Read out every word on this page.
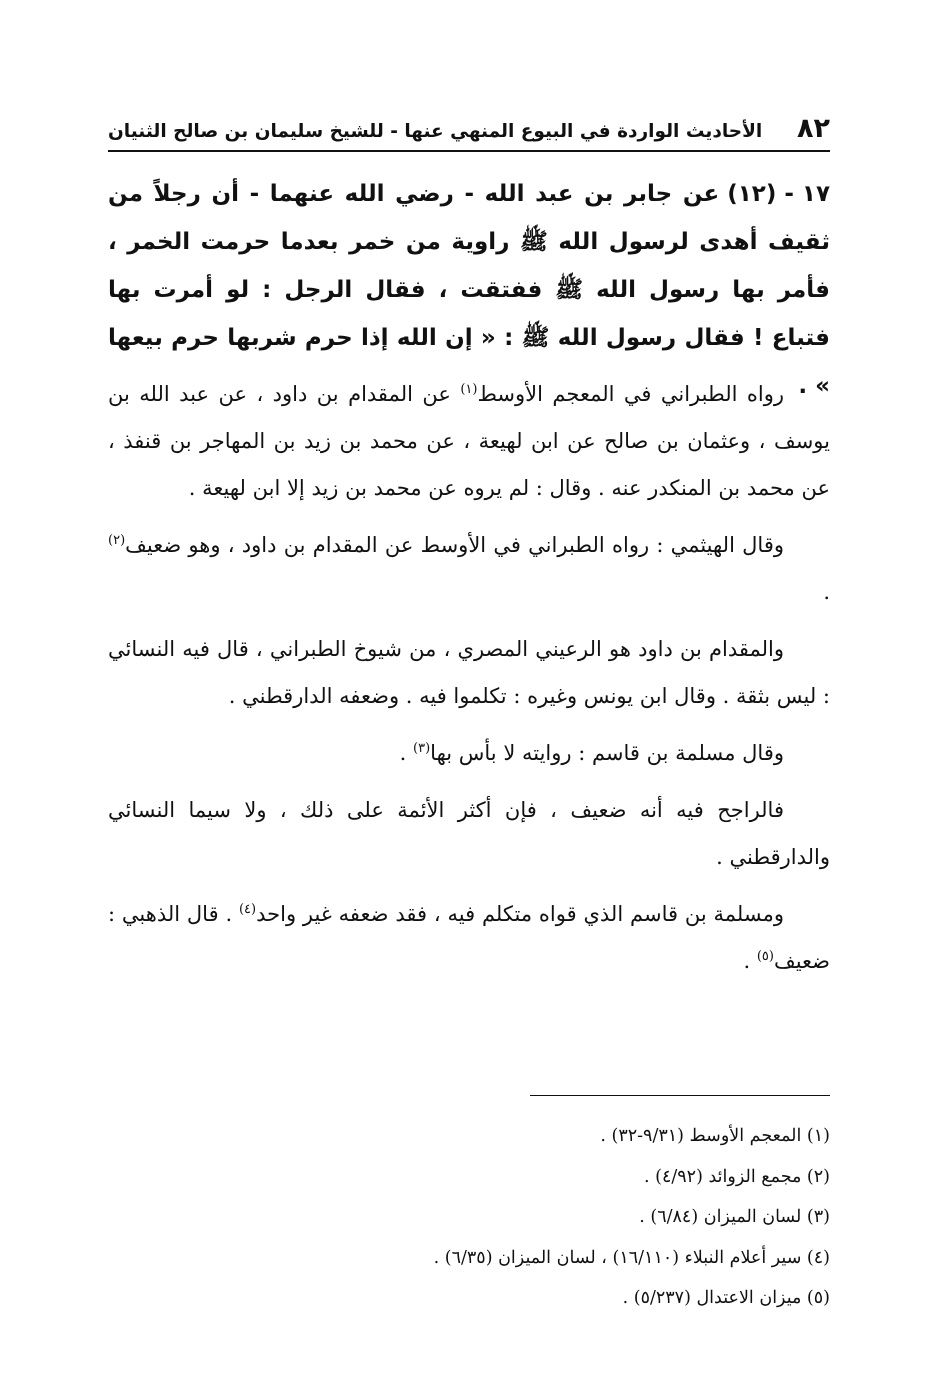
٨٢
الأحاديث الواردة في البيوع المنهي عنها - للشيخ سليمان بن صالح الثنيان

١٧ - (١٢)عن جابر بن عبد الله - رضي الله عنهما - أن رجلاً من ثقيف أهدى لرسول الله ﷺ راوية من خمر بعدما حرمت الخمر ، فأمر بها رسول الله ﷺ ففتقت ، فقال الرجل : لو أمرت بها فتباع ! فقال رسول الله ﷺ : « إن الله إذا حرم شربها حرم بيعها » .

رواه الطبراني في المعجم الأوسط$^{(١)}$ عن المقدام بن داود ، عن عبد الله بن يوسف ، وعثمان بن صالح عن ابن لهيعة ، عن محمد بن زيد بن المهاجر بن قنفذ ، عن محمد بن المنكدر عنه . وقال : لم يروه عن محمد بن زيد إلا ابن لهيعة .

وقال الهيثمي : رواه الطبراني في الأوسط عن المقدام بن داود ، وهو ضعيف$^{(٢)}$ .

والمقدام بن داود هو الرعيني المصري ، من شيوخ الطبراني ، قال فيه النسائي : ليس بثقة . وقال ابن يونس وغيره : تكلموا فيه . وضعفه الدارقطني .

وقال مسلمة بن قاسم : روايته لا بأس بها$^{(٣)}$ .

فالراجح فيه أنه ضعيف ، فإن أكثر الأئمة على ذلك ، ولا سيما النسائي والدارقطني .

ومسلمة بن قاسم الذي قواه متكلم فيه ، فقد ضعفه غير واحد$^{(٤)}$ . قال الذهبي : ضعيف$^{(٥)}$ .

(١) المعجم الأوسط (٩/٣١-٣٢) .
(٢) مجمع الزوائد (٤/٩٢) .
(٣) لسان الميزان (٦/٨٤) .
(٤) سير أعلام النبلاء (١٦/١١٠) ، لسان الميزان (٦/٣٥) .
(٥) ميزان الاعتدال (٥/٢٣٧) .
